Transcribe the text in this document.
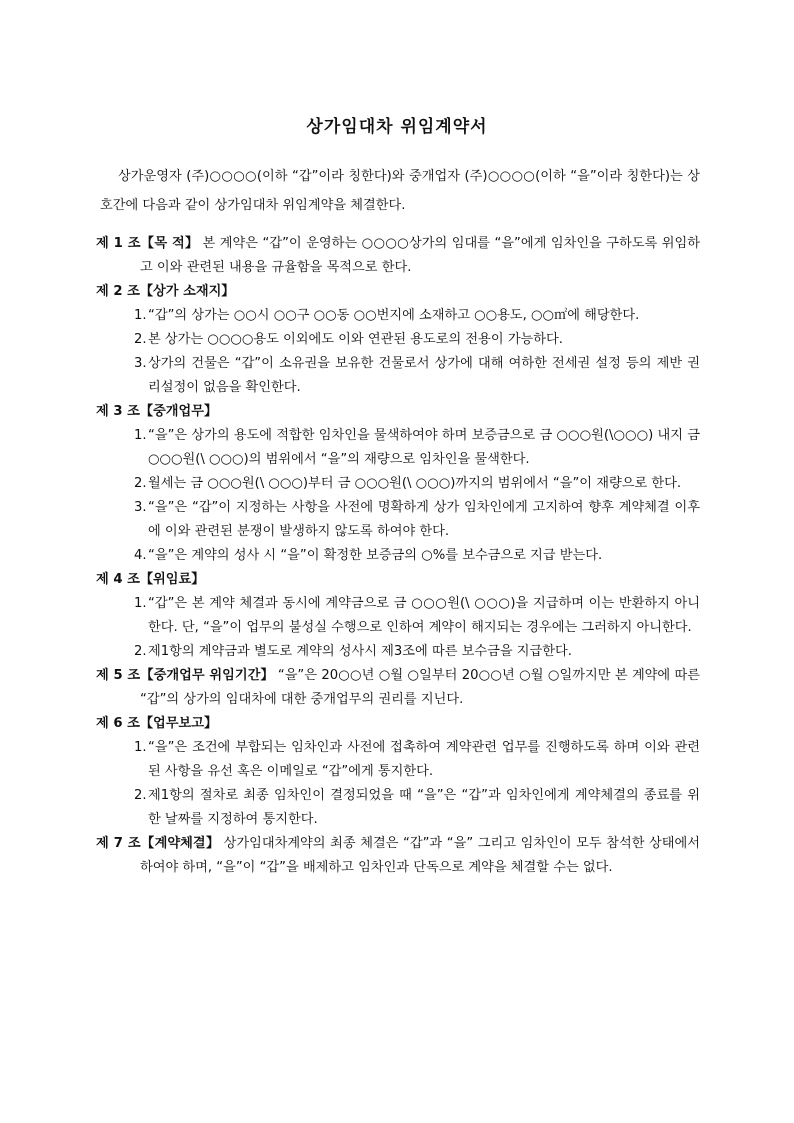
상가임대차 위임계약서
상가운영자 (주)○○○○(이하 “갑”이라 칭한다)와 중개업자 (주)○○○○(이하 “을”이라 칭한다)는 상호간에 다음과 같이 상가임대차 위임계약을 체결한다.
제 1 조【목 적】 본 계약은 “갑”이 운영하는 ○○○○상가의 임대를 “을”에게 임차인을 구하도록 위임하고 이와 관련된 내용을 규율함을 목적으로 한다.
제 2 조【상가 소재지】
1. “갑”의 상가는 ○○시 ○○구 ○○동 ○○번지에 소재하고 ○○용도, ○○㎡에 해당한다.
2. 본 상가는 ○○○○용도 이외에도 이와 연관된 용도로의 전용이 가능하다.
3. 상가의 건물은 “갑”이 소유권을 보유한 건물로서 상가에 대해 여하한 전세권 설정 등의 제반 권리설정이 없음을 확인한다.
제 3 조【중개업무】
1. “을”은 상가의 용도에 적합한 임차인을 물색하여야 하며 보증금으로 금 ○○○원(\○○○) 내지 금 ○○○원(\ ○○○)의 범위에서 “을”의 재량으로 임차인을 물색한다.
2. 월세는 금 ○○○원(\ ○○○)부터 금 ○○○원(\ ○○○)까지의 범위에서 “을”이 재량으로 한다.
3. “을”은 “갑”이 지정하는 사항을 사전에 명확하게 상가 임차인에게 고지하여 향후 계약체결 이후에 이와 관련된 분쟁이 발생하지 않도록 하여야 한다.
4. “을”은 계약의 성사 시 “을”이 확정한 보증금의 ○%를 보수금으로 지급 받는다.
제 4 조【위임료】
1. “갑”은 본 계약 체결과 동시에 계약금으로 금 ○○○원(\ ○○○)을 지급하며 이는 반환하지 아니한다. 단, “을”이 업무의 불성실 수행으로 인하여 계약이 해지되는 경우에는 그러하지 아니한다.
2. 제1항의 계약금과 별도로 계약의 성사시 제3조에 따른 보수금을 지급한다.
제 5 조【중개업무 위임기간】 “을”은 20○○년 ○월 ○일부터 20○○년 ○월 ○일까지만 본 계약에 따른 “갑”의 상가의 임대차에 대한 중개업무의 권리를 지닌다.
제 6 조【업무보고】
1. “을”은 조건에 부합되는 임차인과 사전에 접촉하여 계약관련 업무를 진행하도록 하며 이와 관련된 사항을 유선 혹은 이메일로 “갑”에게 통지한다.
2. 제1항의 절차로 최종 임차인이 결정되었을 때 “을”은 “갑”과 임차인에게 계약체결의 종료를 위한 날짜를 지정하여 통지한다.
제 7 조【계약체결】 상가임대차계약의 최종 체결은 “갑”과 “을” 그리고 임차인이 모두 참석한 상태에서 하여야 하며, “을”이 “갑”을 배제하고 임차인과 단독으로 계약을 체결할 수는 없다.
